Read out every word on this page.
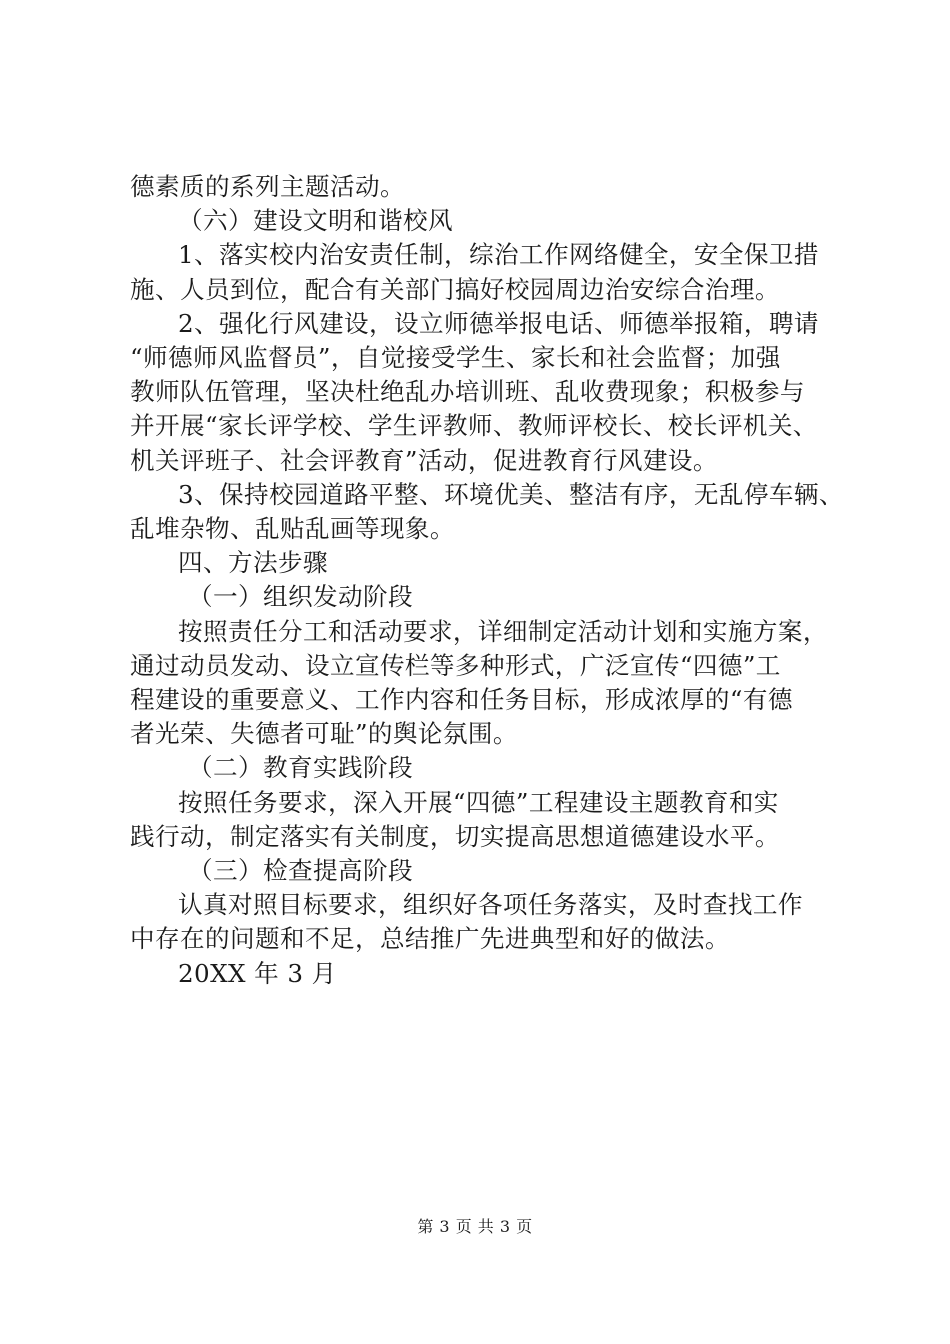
德素质的系列主题活动。
（六）建设文明和谐校风
1、落实校内治安责任制，综治工作网络健全，安全保卫措
施、人员到位，配合有关部门搞好校园周边治安综合治理。
2、强化行风建设，设立师德举报电话、师德举报箱，聘请
“师德师风监督员”，自觉接受学生、家长和社会监督；加强
教师队伍管理，坚决杜绝乱办培训班、乱收费现象；积极参与
并开展“家长评学校、学生评教师、教师评校长、校长评机关、
机关评班子、社会评教育”活动，促进教育行风建设。
3、保持校园道路平整、环境优美、整洁有序，无乱停车辆、
乱堆杂物、乱贴乱画等现象。
四、方法步骤
（一）组织发动阶段
按照责任分工和活动要求，详细制定活动计划和实施方案，
通过动员发动、设立宣传栏等多种形式，广泛宣传“四德”工
程建设的重要意义、工作内容和任务目标，形成浓厚的“有德
者光荣、失德者可耻”的舆论氛围。
（二）教育实践阶段
按照任务要求，深入开展“四德”工程建设主题教育和实
践行动，制定落实有关制度，切实提高思想道德建设水平。
（三）检查提高阶段
认真对照目标要求，组织好各项任务落实，及时查找工作
中存在的问题和不足，总结推广先进典型和好的做法。
20XX 年 3 月
第 3 页 共 3 页
